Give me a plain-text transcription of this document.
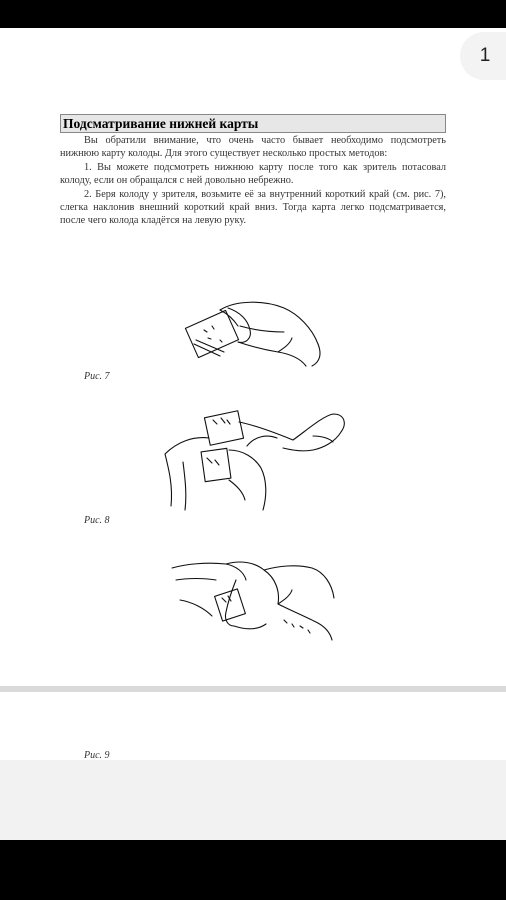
Подсматривание нижней карты

Вы обратили внимание, что очень часто бывает необходимо подсмотреть нижнюю карту колоды. Для этого существует несколько простых методов:

1. Вы можете подсмотреть нижнюю карту после того как зритель потасовал колоду, если он обращался с ней довольно небрежно.

2. Беря колоду у зрителя, возьмите её за внутренний короткий край (см. рис. 7), слегка наклонив внешний короткий край вниз. Тогда карта легко подсматривается, после чего колода кладётся на левую руку.

Рис. 7
Рис. 8
1
Рис. 9
